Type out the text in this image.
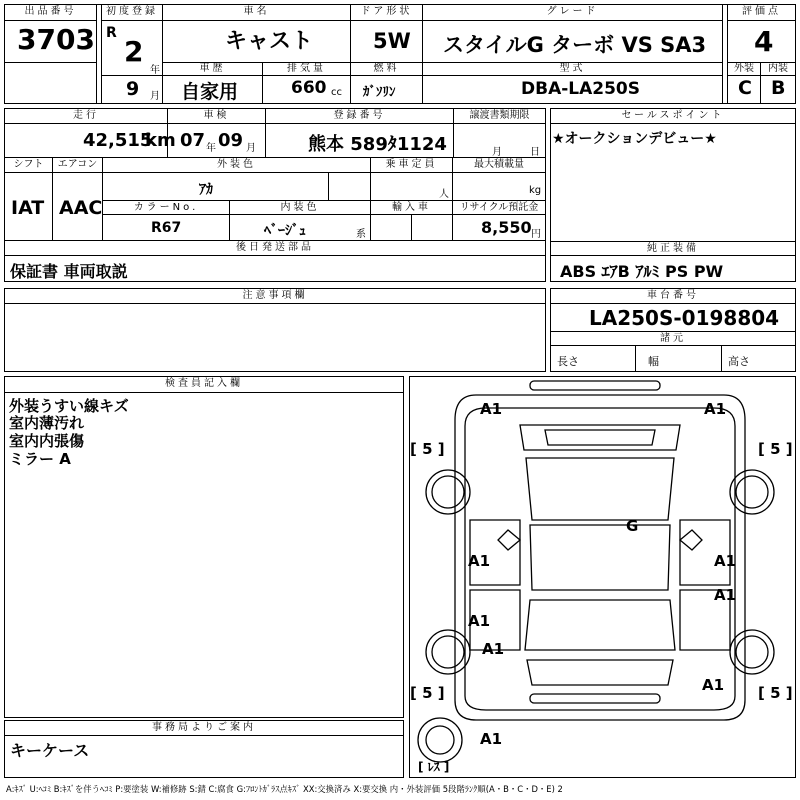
出品番号
3703
初度登録
R
2
年
9 月
車名
キャスト
車歴
自家用
排気量
660 cc
ドア形状
5W
燃料
ｶﾞｿﾘﾝ
グレード
スタイルG ターボ VS SA3
型式
DBA-LA250S
評価点
4
外装	内装
C B
走行
42,515
km
車検
07 年 09 月
登録番号
熊本 589ﾀ1124
譲渡書類期限
月	日
シフト
IAT
エアコン
AAC
外装色
ｱｶ
乗車定員
人
最大積載量
kg
カラーNo.
R67
内装色
ﾍﾞｰｼﾞｭ	系
輸入車	リサイクル預託金
8,550 円
後日発送部品
保証書 車両取説
セールスポイント
★オークションデビュー★
純正装備
ABS ｴｱB ｱﾙﾐ PS PW
注意事項欄	車台番号
LA250S-0198804
諸元
長さ	幅	高さ
検査員記入欄
外装うすい線キズ
室内薄汚れ
室内内張傷
ミラー A
事務局よりご案内
キーケース
A1	A1
A1	A1
A1
A1
A1
A1
A1
G
[ 5 ]	[ 5 ]
[ 5 ]	[ 5 ]
[ ﾚｽ ]
A:ｷｽﾞ U:ﾍｺﾐ B:ｷｽﾞを伴うﾍｺﾐ P:要塗装 W:補修跡 S:錆 C:腐食 G:ﾌﾛﾝﾄｶﾞﾗｽ点ｷｽﾞ XX:交換済み X:要交換 内・外装評価 5段階ﾗﾝｸ順(A・B・C・D・E) 2
